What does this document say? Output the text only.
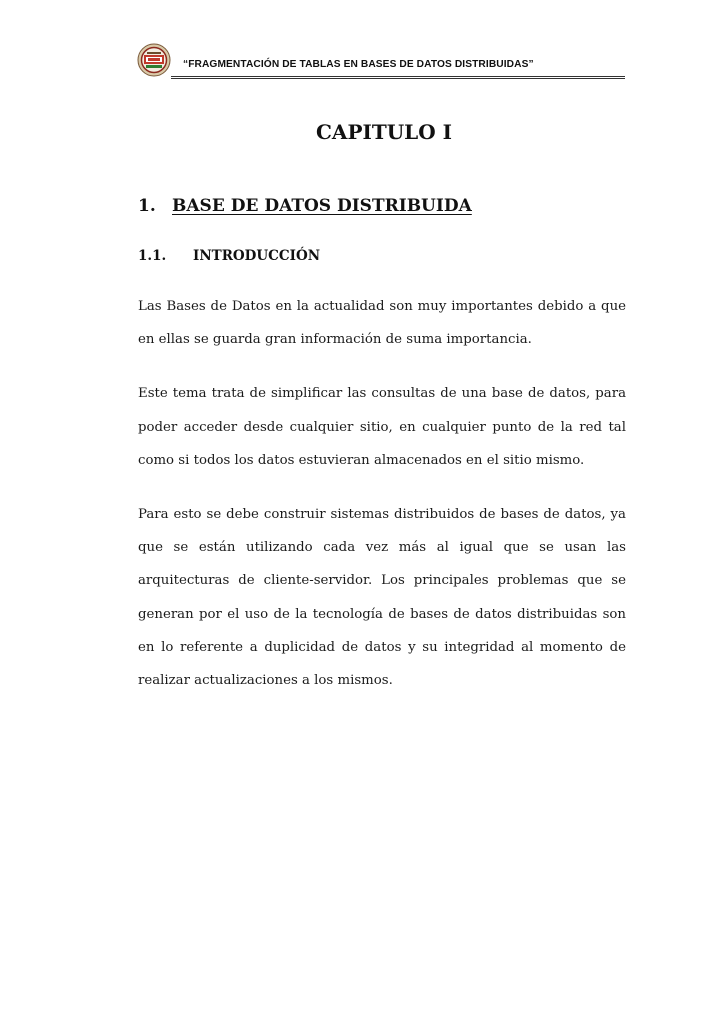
“FRAGMENTACIÓN DE TABLAS EN BASES DE DATOS DISTRIBUIDAS”
CAPITULO I
1. BASE DE DATOS DISTRIBUIDA
1.1. INTRODUCCIÓN

Las Bases de Datos en la actualidad son muy importantes debido a que en ellas se guarda gran información de suma importancia.

Este tema trata de simplificar las consultas de una base de datos, para poder acceder desde cualquier sitio, en cualquier punto de la red tal como si todos los datos estuvieran almacenados en el sitio mismo.

Para esto se debe construir sistemas distribuidos de bases de datos, ya que se están utilizando cada vez más al igual que se usan las arquitecturas de cliente-servidor. Los principales problemas que se generan por el uso de la tecnología de bases de datos distribuidas son en lo referente a duplicidad de datos y su integridad al momento de realizar actualizaciones a los mismos.
